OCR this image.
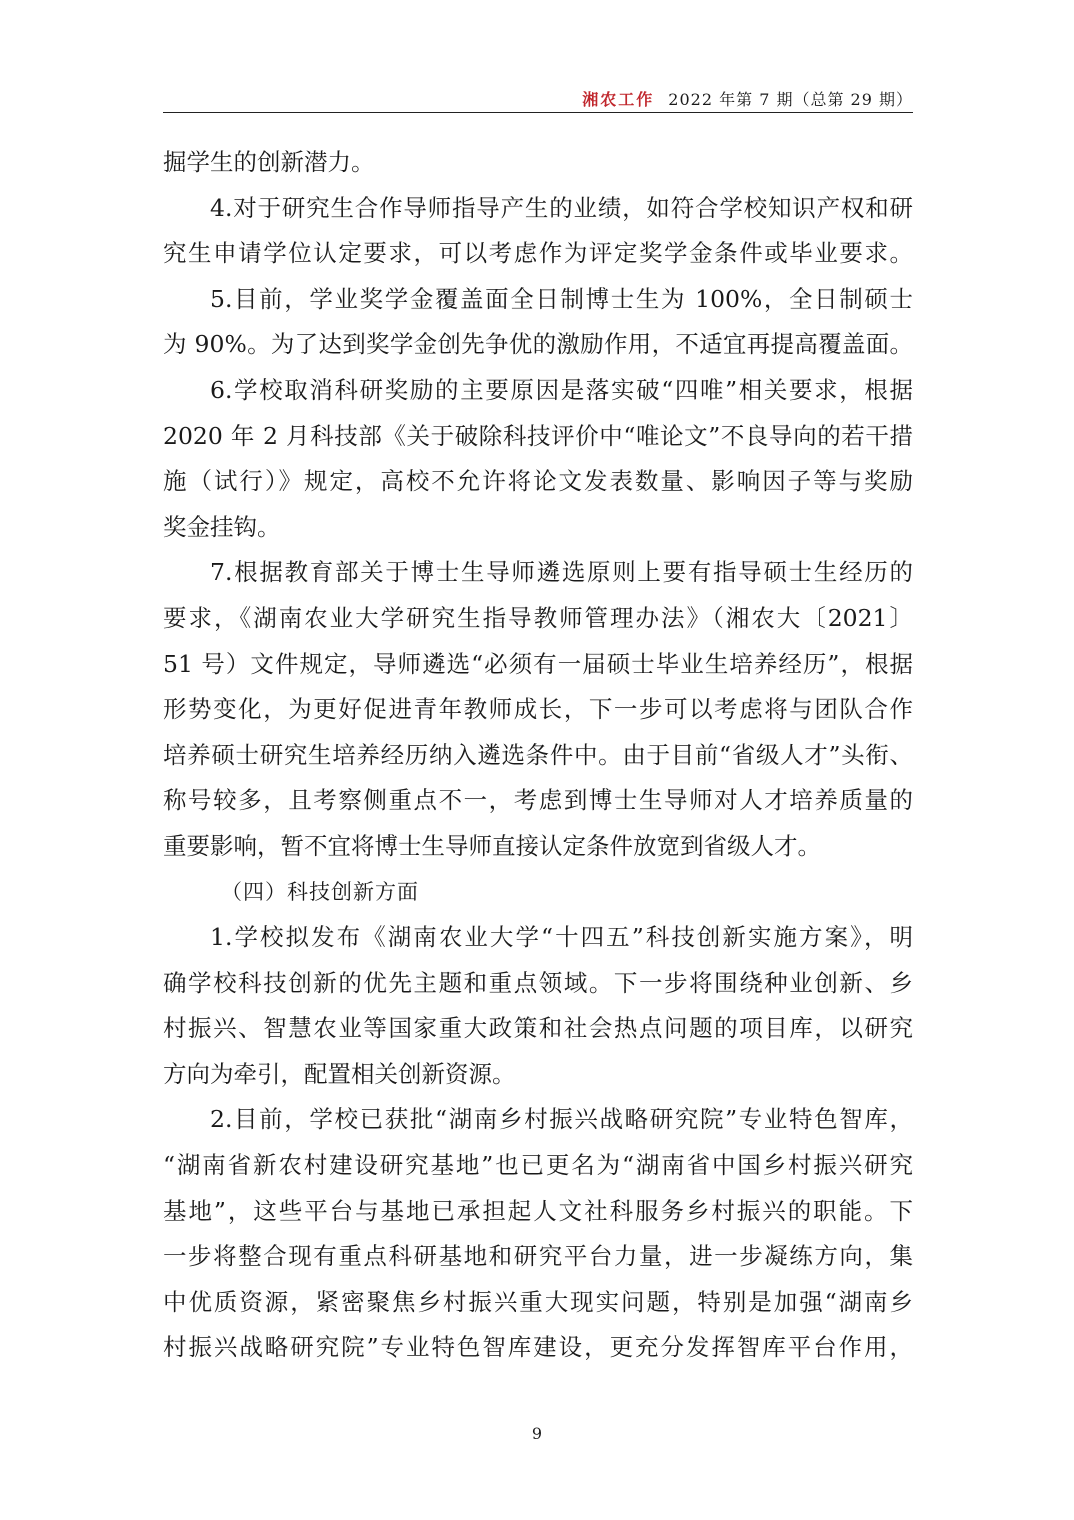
湘农工作 2022 年第 7 期（总第 29 期）
掘学生的创新潜力。
4.对于研究生合作导师指导产生的业绩，如符合学校知识产权和研
究生申请学位认定要求，可以考虑作为评定奖学金条件或毕业要求。
5.目前，学业奖学金覆盖面全日制博士生为 100%，全日制硕士
为 90%。为了达到奖学金创先争优的激励作用，不适宜再提高覆盖面。
6.学校取消科研奖励的主要原因是落实破“四唯”相关要求，根据
2020 年 2 月科技部《关于破除科技评价中“唯论文”不良导向的若干措
施（试行）》规定，高校不允许将论文发表数量、影响因子等与奖励
奖金挂钩。
7.根据教育部关于博士生导师遴选原则上要有指导硕士生经历的
要求，《湖南农业大学研究生指导教师管理办法》（湘农大〔2021〕
51 号）文件规定，导师遴选“必须有一届硕士毕业生培养经历”，根据
形势变化，为更好促进青年教师成长，下一步可以考虑将与团队合作
培养硕士研究生培养经历纳入遴选条件中。由于目前“省级人才”头衔、
称号较多，且考察侧重点不一，考虑到博士生导师对人才培养质量的
重要影响，暂不宜将博士生导师直接认定条件放宽到省级人才。
（四）科技创新方面
1.学校拟发布《湖南农业大学“十四五”科技创新实施方案》，明
确学校科技创新的优先主题和重点领域。下一步将围绕种业创新、乡
村振兴、智慧农业等国家重大政策和社会热点问题的项目库，以研究
方向为牵引，配置相关创新资源。
2.目前，学校已获批“湖南乡村振兴战略研究院”专业特色智库，
“湖南省新农村建设研究基地”也已更名为“湖南省中国乡村振兴研究
基地”，这些平台与基地已承担起人文社科服务乡村振兴的职能。下
一步将整合现有重点科研基地和研究平台力量，进一步凝练方向，集
中优质资源，紧密聚焦乡村振兴重大现实问题，特别是加强“湖南乡
村振兴战略研究院”专业特色智库建设，更充分发挥智库平台作用，
9
